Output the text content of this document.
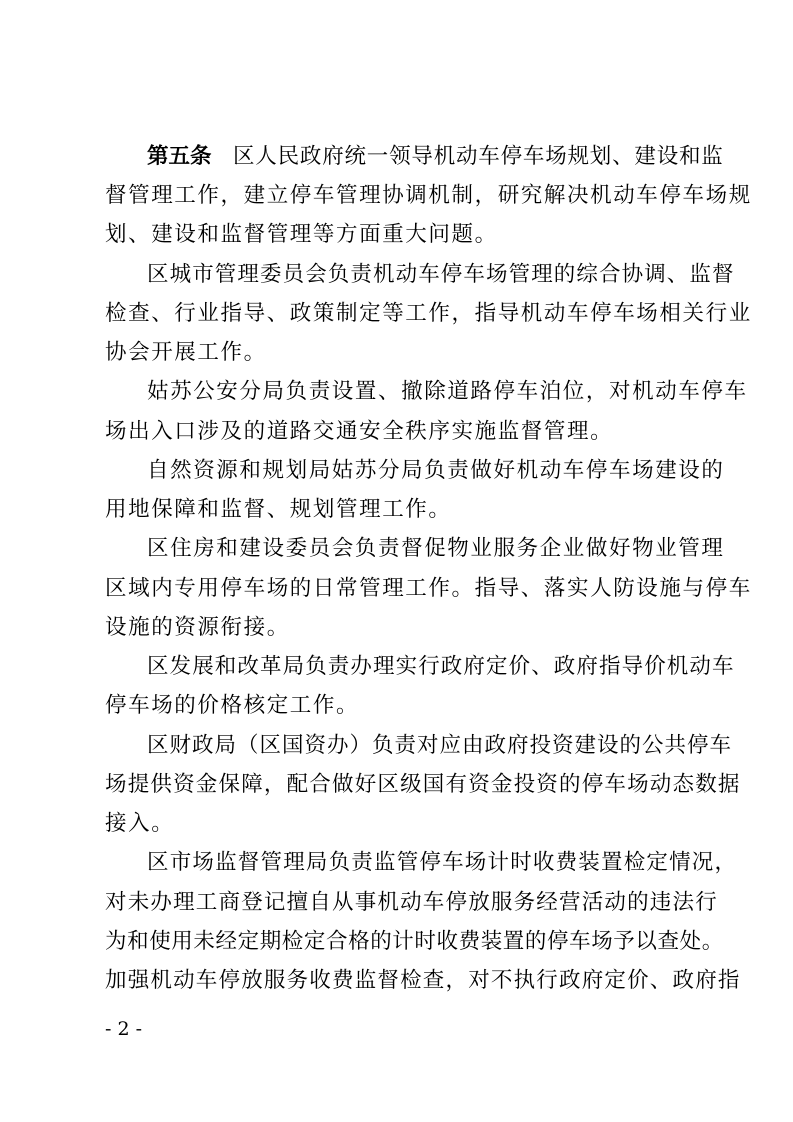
第五条 区人民政府统一领导机动车停车场规划、建设和监
督管理工作，建立停车管理协调机制，研究解决机动车停车场规
划、建设和监督管理等方面重大问题。
区城市管理委员会负责机动车停车场管理的综合协调、监督
检查、行业指导、政策制定等工作，指导机动车停车场相关行业
协会开展工作。
姑苏公安分局负责设置、撤除道路停车泊位，对机动车停车
场出入口涉及的道路交通安全秩序实施监督管理。
自然资源和规划局姑苏分局负责做好机动车停车场建设的
用地保障和监督、规划管理工作。
区住房和建设委员会负责督促物业服务企业做好物业管理
区域内专用停车场的日常管理工作。指导、落实人防设施与停车
设施的资源衔接。
区发展和改革局负责办理实行政府定价、政府指导价机动车
停车场的价格核定工作。
区财政局（区国资办）负责对应由政府投资建设的公共停车
场提供资金保障，配合做好区级国有资金投资的停车场动态数据
接入。
区市场监督管理局负责监管停车场计时收费装置检定情况，
对未办理工商登记擅自从事机动车停放服务经营活动的违法行
为和使用未经定期检定合格的计时收费装置的停车场予以查处。
- 2 -
加强机动车停放服务收费监督检查，对不执行政府定价、政府指
